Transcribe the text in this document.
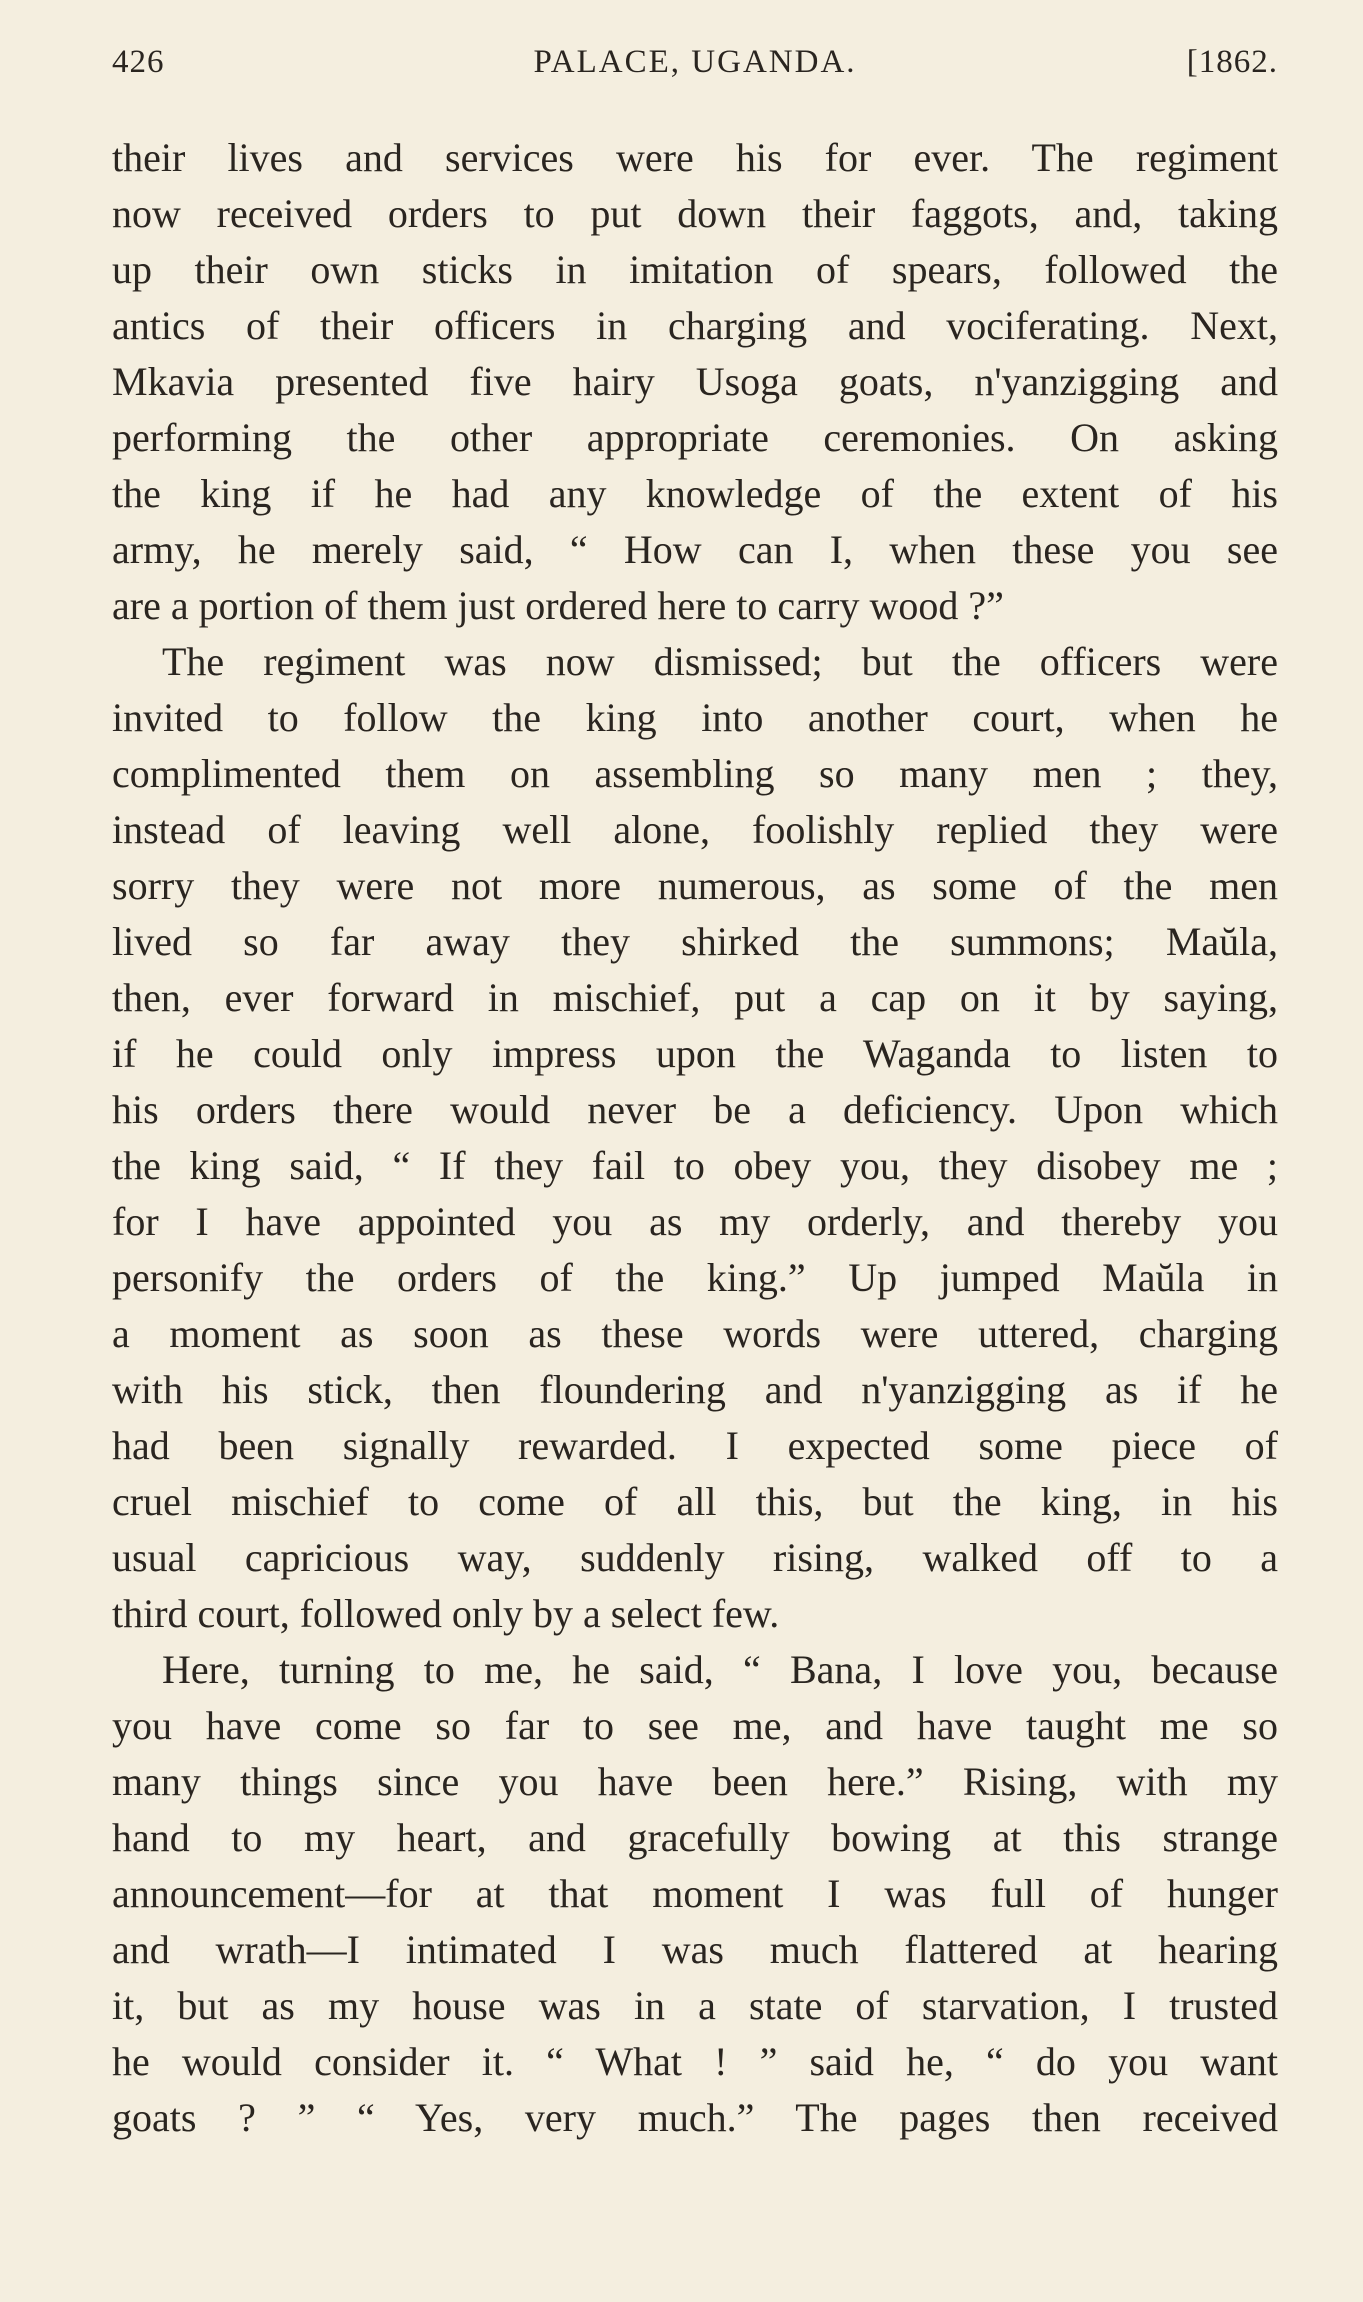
426	PALACE, UGANDA.	[1862.
their lives and services were his for ever. The regiment
now received orders to put down their faggots, and, taking
up their own sticks in imitation of spears, followed the
antics of their officers in charging and vociferating. Next,
Mkavia presented five hairy Usoga goats, n'yanzigging and
performing the other appropriate ceremonies. On asking
the king if he had any knowledge of the extent of his
army, he merely said, “ How can I, when these you see
are a portion of them just ordered here to carry wood ?”
The regiment was now dismissed; but the officers were
invited to follow the king into another court, when he
complimented them on assembling so many men ; they,
instead of leaving well alone, foolishly replied they were
sorry they were not more numerous, as some of the men
lived so far away they shirked the summons; Maŭla,
then, ever forward in mischief, put a cap on it by saying,
if he could only impress upon the Waganda to listen to
his orders there would never be a deficiency. Upon which
the king said, “ If they fail to obey you, they disobey me ;
for I have appointed you as my orderly, and thereby you
personify the orders of the king.” Up jumped Maŭla in
a moment as soon as these words were uttered, charging
with his stick, then floundering and n'yanzigging as if he
had been signally rewarded. I expected some piece of
cruel mischief to come of all this, but the king, in his
usual capricious way, suddenly rising, walked off to a
third court, followed only by a select few.
Here, turning to me, he said, “ Bana, I love you, because
you have come so far to see me, and have taught me so
many things since you have been here.” Rising, with my
hand to my heart, and gracefully bowing at this strange
announcement—for at that moment I was full of hunger
and wrath—I intimated I was much flattered at hearing
it, but as my house was in a state of starvation, I trusted
he would consider it. “ What ! ” said he, “ do you want
goats ? ” “ Yes, very much.” The pages then received
